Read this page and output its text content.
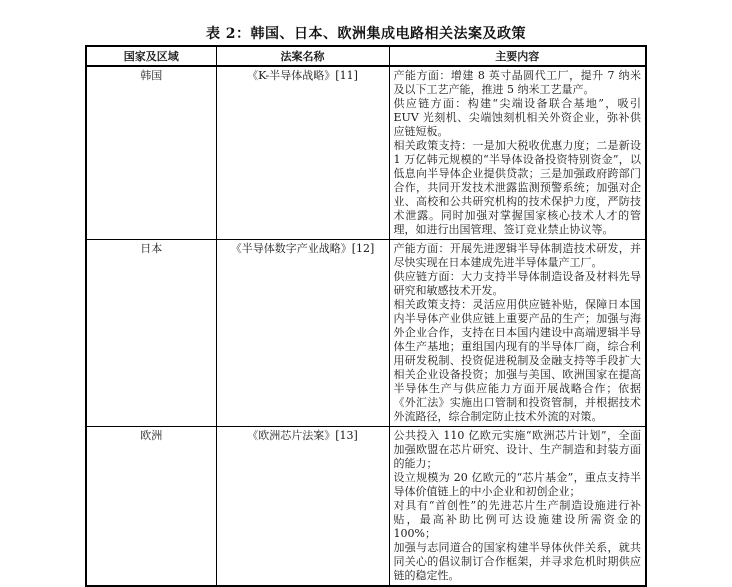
表 2：韩国、日本、欧洲集成电路相关法案及政策
国家及区域	法案名称	主要内容
韩国	《K-半导体战略》[11]	产能方面：增建 8 英寸晶圆代工厂，提升 7 纳米及以下工艺产能，推进 5 纳米工艺量产。

供应链方面：构建“尖端设备联合基地”，吸引 EUV 光刻机、尖端蚀刻机相关外资企业，弥补供应链短板。

相关政策支持：一是加大税收优惠力度；二是新设 1 万亿韩元规模的“半导体设备投资特别资金”，以低息向半导体企业提供贷款；三是加强政府跨部门合作，共同开发技术泄露监测预警系统；加强对企业、高校和公共研究机构的技术保护力度，严防技术泄露。同时加强对掌握国家核心技术人才的管理，如进行出国管理、签订竞业禁止协议等。

日本	《半导体数字产业战略》[12]	产能方面：开展先进逻辑半导体制造技术研发，并尽快实现在日本建成先进半导体量产工厂。

供应链方面：大力支持半导体制造设备及材料先导研究和敏感技术开发。

相关政策支持：灵活应用供应链补贴，保障日本国内半导体产业供应链上重要产品的生产；加强与海外企业合作，支持在日本国内建设中高端逻辑半导体生产基地；重组国内现有的半导体厂商，综合利用研发税制、投资促进税制及金融支持等手段扩大相关企业设备投资；加强与美国、欧洲国家在提高半导体生产与供应能力方面开展战略合作；依据《外汇法》实施出口管制和投资管制，并根据技术外流路径，综合制定防止技术外流的对策。

欧洲	《欧洲芯片法案》[13]	公共投入 110 亿欧元实施“欧洲芯片计划”，全面加强欧盟在芯片研究、设计、生产制造和封装方面的能力；

设立规模为 20 亿欧元的“芯片基金”，重点支持半导体价值链上的中小企业和初创企业；

对具有“首创性”的先进芯片生产制造设施进行补贴，最高补助比例可达设施建设所需资金的 100%；

加强与志同道合的国家构建半导体伙伴关系，就共同关心的倡议制订合作框架，并寻求危机时期供应链的稳定性。
